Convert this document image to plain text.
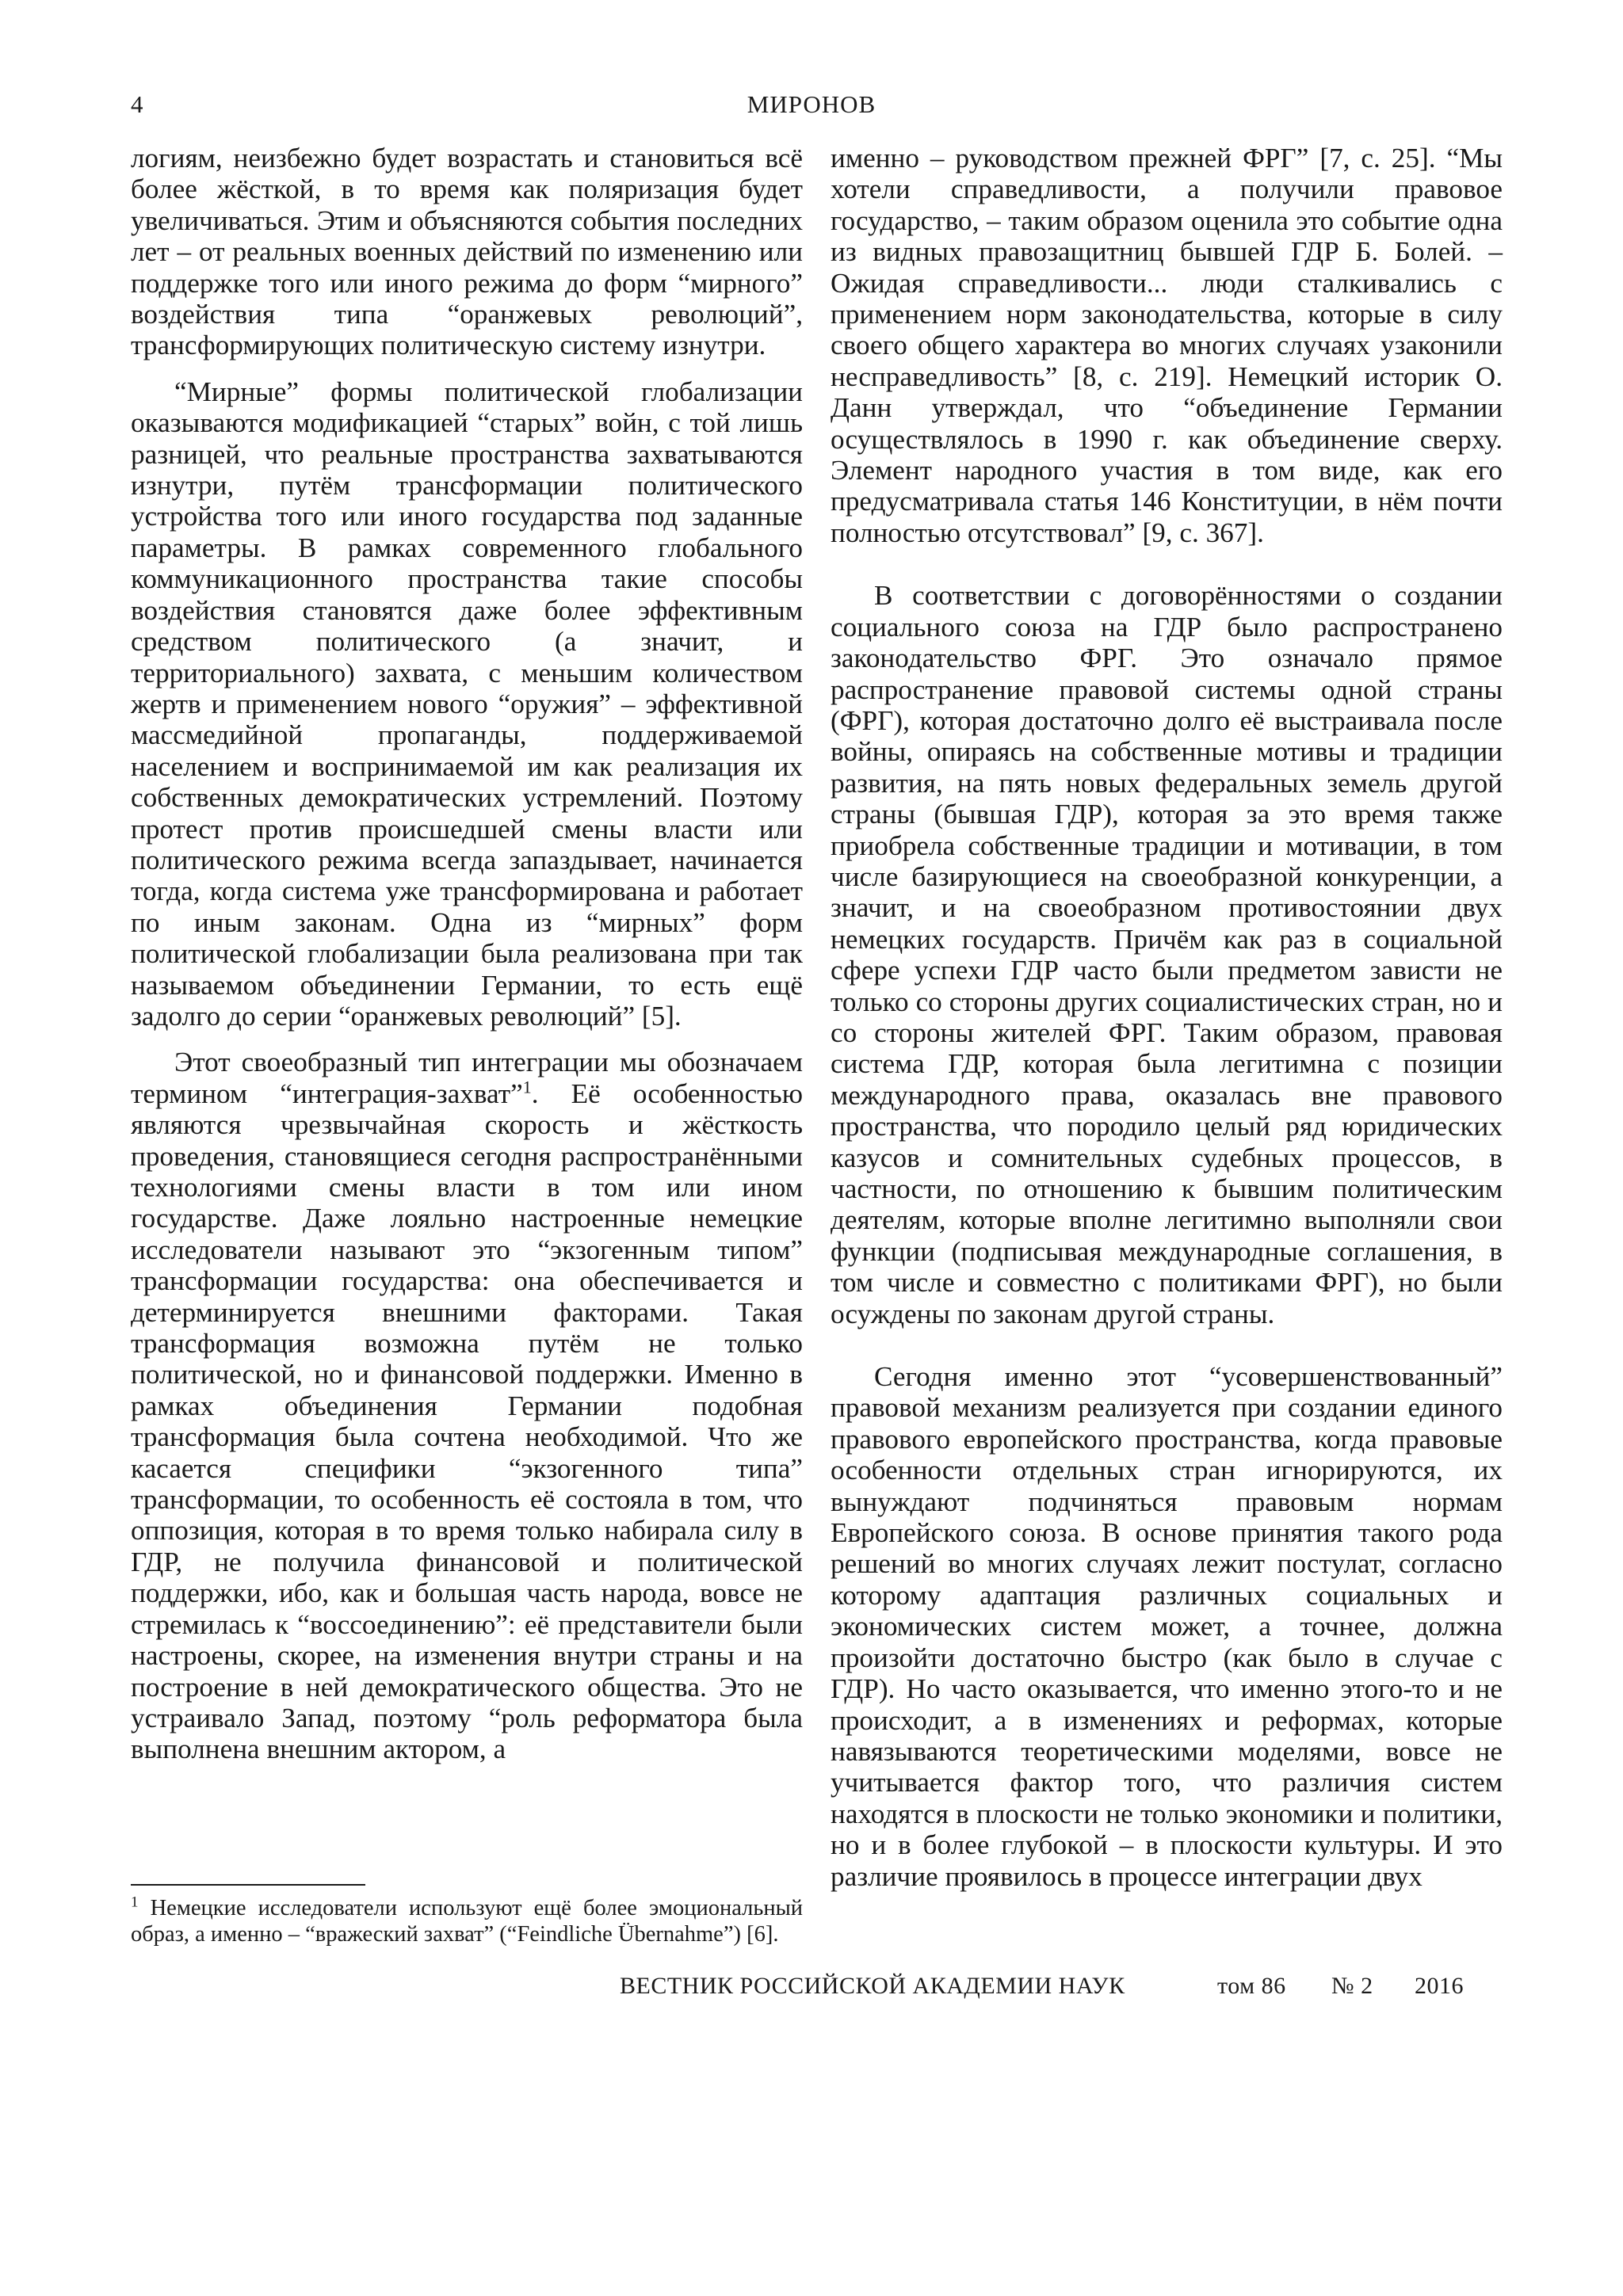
4	МИРОНОВ

логиям, неизбежно будет возрастать и становиться всё более жёсткой, в то время как поляризация будет увеличиваться. Этим и объясняются события последних лет – от реальных военных действий по изменению или поддержке того или иного режима до форм “мирного” воздействия типа “оранжевых революций”, трансформирующих политическую систему изнутри.

“Мирные” формы политической глобализации оказываются модификацией “старых” войн, с той лишь разницей, что реальные пространства захватываются изнутри, путём трансформации политического устройства того или иного государства под заданные параметры. В рамках современного глобального коммуникационного пространства такие способы воздействия становятся даже более эффективным средством политического (а значит, и территориального) захвата, с меньшим количеством жертв и применением нового “оружия” – эффективной массмедийной пропаганды, поддерживаемой населением и воспринимаемой им как реализация их собственных демократических устремлений. Поэтому протест против происшедшей смены власти или политического режима всегда запаздывает, начинается тогда, когда система уже трансформирована и работает по иным законам. Одна из “мирных” форм политической глобализации была реализована при так называемом объединении Германии, то есть ещё задолго до серии “оранжевых революций” [5].

Этот своеобразный тип интеграции мы обозначаем термином “интеграция-захват”$^1$. Её особенностью являются чрезвычайная скорость и жёсткость проведения, становящиеся сегодня распространёнными технологиями смены власти в том или ином государстве. Даже лояльно настроенные немецкие исследователи называют это “экзогенным типом” трансформации государства: она обеспечивается и детерминируется внешними факторами. Такая трансформация возможна путём не только политической, но и финансовой поддержки. Именно в рамках объединения Германии подобная трансформация была сочтена необходимой. Что же касается специфики “экзогенного типа” трансформации, то особенность её состояла в том, что оппозиция, которая в то время только набирала силу в ГДР, не получила финансовой и политической поддержки, ибо, как и большая часть народа, вовсе не стремилась к “воссоединению”: её представители были настроены, скорее, на изменения внутри страны и на построение в ней демократического общества. Это не устраивало Запад, поэтому “роль реформатора была выполнена внешним актором, а

$^1$ Немецкие исследователи используют ещё более эмоциональный образ, а именно – “вражеский захват” (“Feindliche Übernahme”) [6].

именно – руководством прежней ФРГ” [7, с. 25]. “Мы хотели справедливости, а получили правовое государство, – таким образом оценила это событие одна из видных правозащитниц бывшей ГДР Б. Болей. – Ожидая справедливости... люди сталкивались с применением норм законодательства, которые в силу своего общего характера во многих случаях узаконили несправедливость” [8, с. 219]. Немецкий историк О. Данн утверждал, что “объединение Германии осуществлялось в 1990 г. как объединение сверху. Элемент народного участия в том виде, как его предусматривала статья 146 Конституции, в нём почти полностью отсутствовал” [9, с. 367].

В соответствии с договорённостями о создании социального союза на ГДР было распространено законодательство ФРГ. Это означало прямое распространение правовой системы одной страны (ФРГ), которая достаточно долго её выстраивала после войны, опираясь на собственные мотивы и традиции развития, на пять новых федеральных земель другой страны (бывшая ГДР), которая за это время также приобрела собственные традиции и мотивации, в том числе базирующиеся на своеобразной конкуренции, а значит, и на своеобразном противостоянии двух немецких государств. Причём как раз в социальной сфере успехи ГДР часто были предметом зависти не только со стороны других социалистических стран, но и со стороны жителей ФРГ. Таким образом, правовая система ГДР, которая была легитимна с позиции международного права, оказалась вне правового пространства, что породило целый ряд юридических казусов и сомнительных судебных процессов, в частности, по отношению к бывшим политическим деятелям, которые вполне легитимно выполняли свои функции (подписывая международные соглашения, в том числе и совместно с политиками ФРГ), но были осуждены по законам другой страны.

Сегодня именно этот “усовершенствованный” правовой механизм реализуется при создании единого правового европейского пространства, когда правовые особенности отдельных стран игнорируются, их вынуждают подчиняться правовым нормам Европейского союза. В основе принятия такого рода решений во многих случаях лежит постулат, согласно которому адаптация различных социальных и экономических систем может, а точнее, должна произойти достаточно быстро (как было в случае с ГДР). Но часто оказывается, что именно этого-то и не происходит, а в изменениях и реформах, которые навязываются теоретическими моделями, вовсе не учитывается фактор того, что различия систем находятся в плоскости не только экономики и политики, но и в более глубокой – в плоскости культуры. И это различие проявилось в процессе интеграции двух

ВЕСТНИК РОССИЙСКОЙ АКАДЕМИИ НАУК	том 86 № 2 2016
